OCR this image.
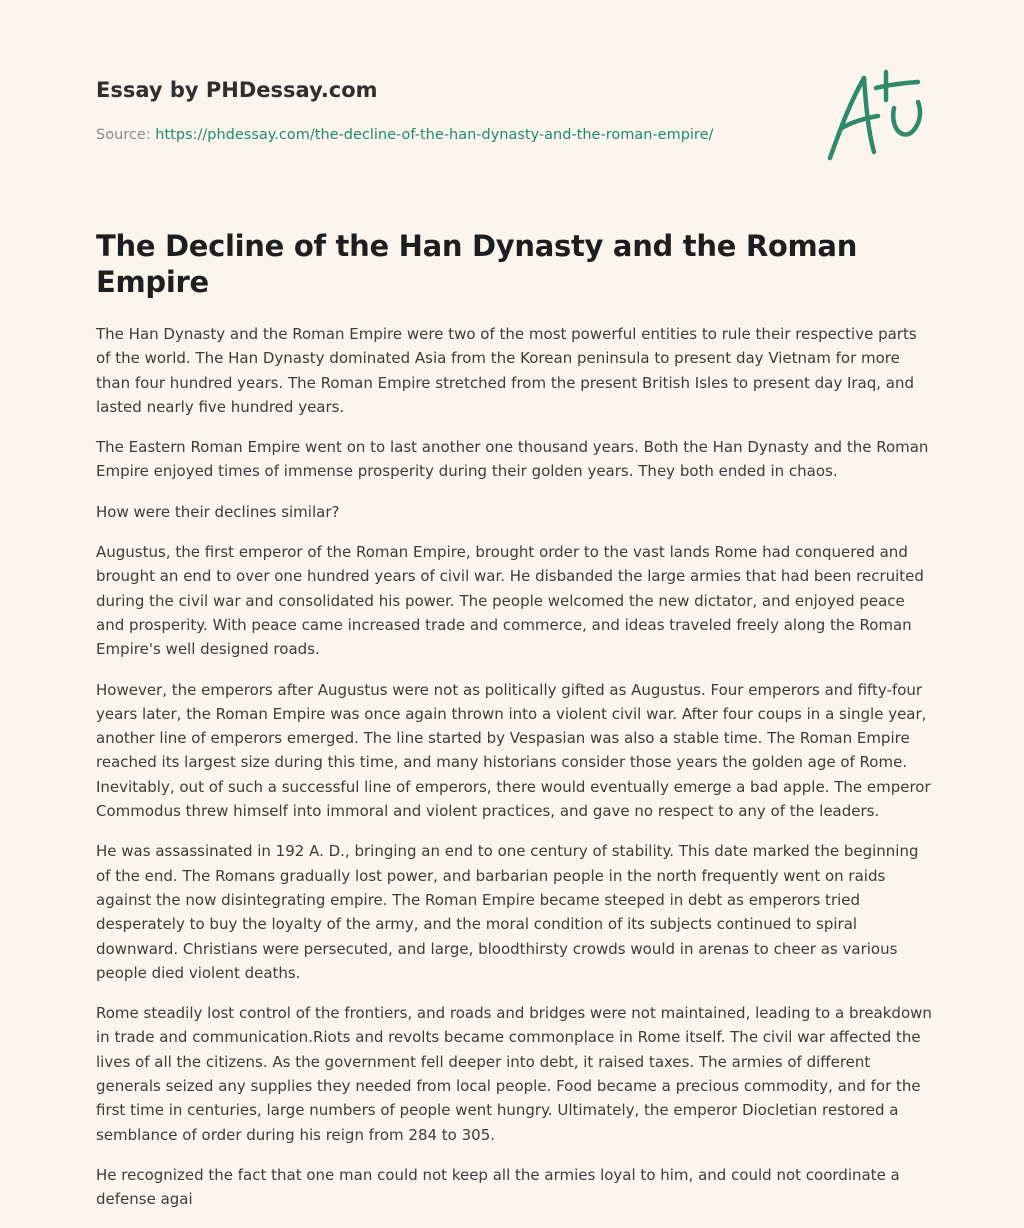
Essay by PHDessay.com
Source: https://phdessay.com/the-decline-of-the-han-dynasty-and-the-roman-empire/
The Decline of the Han Dynasty and the Roman Empire

The Han Dynasty and the Roman Empire were two of the most powerful entities to rule their respective parts of the world. The Han Dynasty dominated Asia from the Korean peninsula to present day Vietnam for more than four hundred years. The Roman Empire stretched from the present British Isles to present day Iraq, and lasted nearly five hundred years.

The Eastern Roman Empire went on to last another one thousand years. Both the Han Dynasty and the Roman Empire enjoyed times of immense prosperity during their golden years. They both ended in chaos.

How were their declines similar?

Augustus, the first emperor of the Roman Empire, brought order to the vast lands Rome had conquered and brought an end to over one hundred years of civil war. He disbanded the large armies that had been recruited during the civil war and consolidated his power. The people welcomed the new dictator, and enjoyed peace and prosperity. With peace came increased trade and commerce, and ideas traveled freely along the Roman Empire's well designed roads.

However, the emperors after Augustus were not as politically gifted as Augustus. Four emperors and fifty-four years later, the Roman Empire was once again thrown into a violent civil war. After four coups in a single year, another line of emperors emerged. The line started by Vespasian was also a stable time. The Roman Empire reached its largest size during this time, and many historians consider those years the golden age of Rome. Inevitably, out of such a successful line of emperors, there would eventually emerge a bad apple. The emperor Commodus threw himself into immoral and violent practices, and gave no respect to any of the leaders.

He was assassinated in 192 A. D., bringing an end to one century of stability. This date marked the beginning of the end. The Romans gradually lost power, and barbarian people in the north frequently went on raids against the now disintegrating empire. The Roman Empire became steeped in debt as emperors tried desperately to buy the loyalty of the army, and the moral condition of its subjects continued to spiral downward. Christians were persecuted, and large, bloodthirsty crowds would in arenas to cheer as various people died violent deaths.

Rome steadily lost control of the frontiers, and roads and bridges were not maintained, leading to a breakdown in trade and communication.Riots and revolts became commonplace in Rome itself. The civil war affected the lives of all the citizens. As the government fell deeper into debt, it raised taxes. The armies of different generals seized any supplies they needed from local people. Food became a precious commodity, and for the first time in centuries, large numbers of people went hungry. Ultimately, the emperor Diocletian restored a semblance of order during his reign from 284 to 305.

He recognized the fact that one man could not keep all the armies loyal to him, and could not coordinate a defense agai
